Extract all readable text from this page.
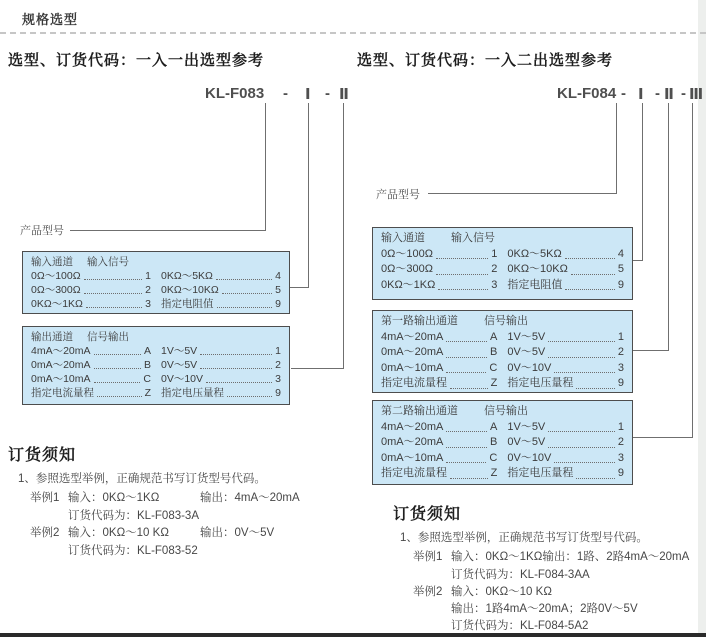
规格选型
选型、订货代码：一入一出选型参考	选型、订货代码：一入二出选型参考
KL-F083 - Ⅰ - Ⅱ	KL-F084 - Ⅰ - Ⅱ - Ⅲ
产品型号
产品型号
输入通道 输入信号
0Ω～100Ω	1 0KΩ～5KΩ	4
0Ω～300Ω	2 0KΩ～10KΩ	5
0KΩ～1KΩ	3 指定电阻值	9
输出通道 信号输出
4mA～20mA	A 1V～5V	1
0mA～20mA	B 0V～5V	2
0mA～10mA	C 0V～10V	3
指定电流量程	Z 指定电压量程	9
输入通道 输入信号
0Ω～100Ω	1 0KΩ～5KΩ	4
0Ω～300Ω	2 0KΩ～10KΩ	5
0KΩ～1KΩ	3 指定电阻值	9
第一路输出通道 信号输出
4mA～20mA	A 1V～5V	1
0mA～20mA	B 0V～5V	2
0mA～10mA	C 0V～10V	3
指定电流量程	Z 指定电压量程	9
第二路输出通道 信号输出
4mA～20mA	A 1V～5V	1
0mA～20mA	B 0V～5V	2
0mA～10mA	C 0V～10V	3
指定电流量程	Z 指定电压量程	9
订货须知
1、参照选型举例，正确规范书写订货型号代码。
举例1 输入：0KΩ～1KΩ	输出：4mA～20mA
订货代码为：KL-F083-3A
举例2 输入：0KΩ～10 KΩ	输出：0V～5V
订货代码为：KL-F083-52
订货须知
1、参照选型举例，正确规范书写订货型号代码。
举例1 输入：0KΩ～1KΩ输出：1路、2路4mA～20mA
订货代码为：KL-F084-3AA
举例2 输入：0KΩ～10 KΩ
输出：1路4mA～20mA；2路0V～5V
订货代码为：KL-F084-5A2
